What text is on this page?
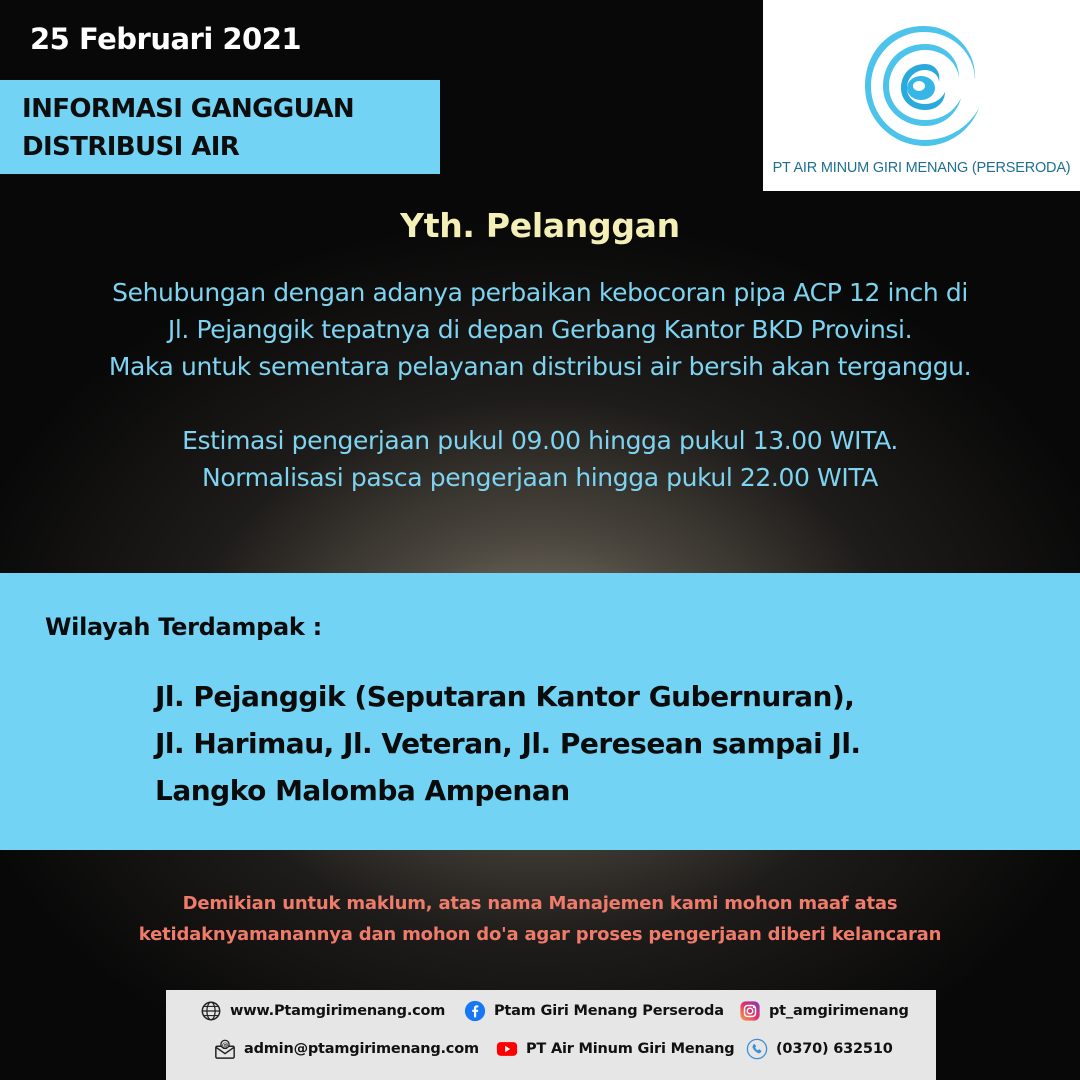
25 Februari 2021
INFORMASI GANGGUAN
DISTRIBUSI AIR
PT AIR MINUM GIRI MENANG (PERSERODA)
Yth. Pelanggan
Sehubungan dengan adanya perbaikan kebocoran pipa ACP 12 inch di
Jl. Pejanggik tepatnya di depan Gerbang Kantor BKD Provinsi.
Maka untuk sementara pelayanan distribusi air bersih akan terganggu.
Estimasi pengerjaan pukul 09.00 hingga pukul 13.00 WITA.
Normalisasi pasca pengerjaan hingga pukul 22.00 WITA
Wilayah Terdampak :
Jl. Pejanggik (Seputaran Kantor Gubernuran),
Jl. Harimau, Jl. Veteran, Jl. Peresean sampai Jl.
Langko Malomba Ampenan
Demikian untuk maklum, atas nama Manajemen kami mohon maaf atas
ketidaknyamanannya dan mohon do'a agar proses pengerjaan diberi kelancaran
www.Ptamgirimenang.com	Ptam Giri Menang Perseroda	pt_amgirimenang
@ admin@ptamgirimenang.com	PT Air Minum Giri Menang	(0370) 632510
